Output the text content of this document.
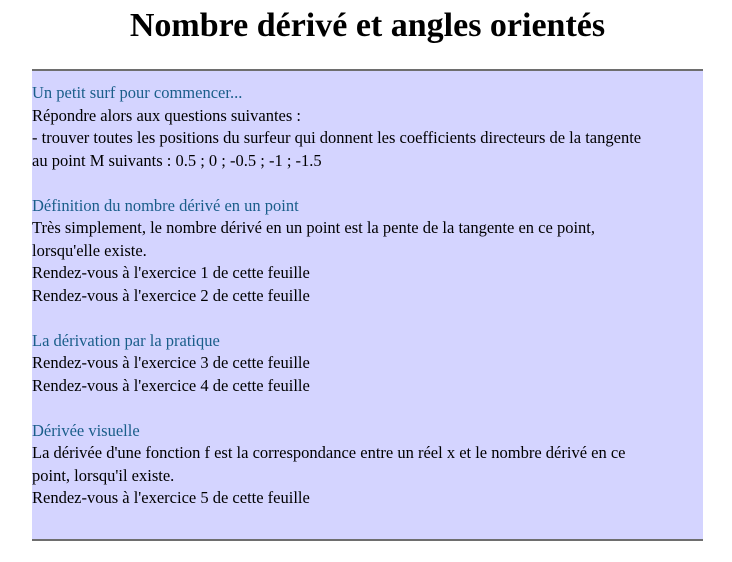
Nombre dérivé et angles orientés
Un petit surf pour commencer...
Répondre alors aux questions suivantes :
- trouver toutes les positions du surfeur qui donnent les coefficients directeurs de la tangente
au point M suivants : 0.5 ; 0 ; -0.5 ; -1 ; -1.5
Définition du nombre dérivé en un point
Très simplement, le nombre dérivé en un point est la pente de la tangente en ce point,
lorsqu'elle existe.
Rendez-vous à l'exercice 1 de cette feuille
Rendez-vous à l'exercice 2 de cette feuille
La dérivation par la pratique
Rendez-vous à l'exercice 3 de cette feuille
Rendez-vous à l'exercice 4 de cette feuille
Dérivée visuelle
La dérivée d'une fonction f est la correspondance entre un réel x et le nombre dérivé en ce
point, lorsqu'il existe.
Rendez-vous à l'exercice 5 de cette feuille
